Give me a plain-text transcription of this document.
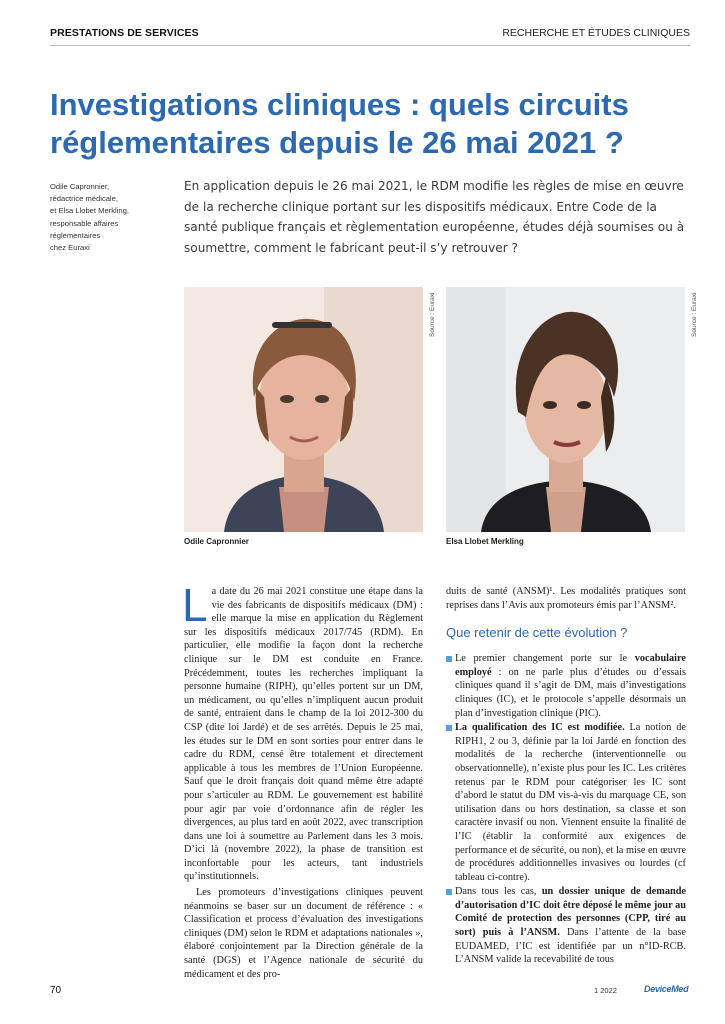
PRESTATIONS DE SERVICES	RECHERCHE ET ÉTUDES CLINIQUES
Investigations cliniques : quels circuits
réglementaires depuis le 26 mai 2021 ?
Odile Capronnier,
rédactrice médicale,
et Elsa Llobet Merkling,
responsable affaires
réglementaires
chez Euraxi

En application depuis le 26 mai 2021, le RDM modifie les règles de mise en œuvre de la recherche clinique portant sur les dispositifs médicaux. Entre Code de la santé publique français et règlementation européenne, études déjà soumises ou à soumettre, comment le fabricant peut-il s’y retrouver ?

Source : Euraxi
Odile Capronnier
Source : Euraxi
Elsa Llobet Merkling

La date du 26 mai 2021 constitue une étape dans la vie des fabricants de dispositifs médicaux (DM) : elle marque la mise en application du Règlement sur les dispositifs médicaux 2017/745 (RDM). En particulier, elle modifie la façon dont la recherche clinique sur le DM est conduite en France. Précédemment, toutes les recherches impliquant la personne humaine (RIPH), qu’elles portent sur un DM, un médicament, ou qu’elles n’impliquent aucun produit de santé, entraient dans le champ de la loi 2012-300 du CSP (dite loi Jardé) et de ses arrêtés. Depuis le 25 mai, les études sur le DM en sont sorties pour entrer dans le cadre du RDM, censé être totalement et directement applicable à tous les membres de l’Union Européenne. Sauf que le droit français doit quand même être adapté pour s’articuler au RDM. Le gouvernement est habilité pour agir par voie d’ordonnance afin de régler les divergences, au plus tard en août 2022, avec transcription dans une loi à soumettre au Parlement dans les 3 mois. D’ici là (novembre 2022), la phase de transition est inconfortable pour les acteurs, tant industriels qu’institutionnels.

Les promoteurs d’investigations cliniques peuvent néanmoins se baser sur un document de référence : « Classification et process d’évaluation des investigations cliniques (DM) selon le RDM et adaptations nationales », élaboré conjointement par la Direction générale de la santé (DGS) et l’Agence nationale de sécurité du médicament et des pro-

duits de santé (ANSM)¹. Les modalités pratiques sont reprises dans l’Avis aux promoteurs émis par l’ANSM².

Que retenir de cette évolution ?

Le premier changement porte sur le vocabulaire employé : on ne parle plus d’études ou d’essais cliniques quand il s’agit de DM, mais d’investigations cliniques (IC), et le protocole s’appelle désormais un plan d’investigation clinique (PIC).

La qualification des IC est modifiée. La notion de RIPH1, 2 ou 3, définie par la loi Jardé en fonction des modalités de la recherche (interventionnelle ou observationnelle), n’existe plus pour les IC. Les critères retenus par le RDM pour catégoriser les IC sont d’abord le statut du DM vis-à-vis du marquage CE, son utilisation dans ou hors destination, sa classe et son caractère invasif ou non. Viennent ensuite la finalité de l’IC (établir la conformité aux exigences de performance et de sécurité, ou non), et la mise en œuvre de procédures additionnelles invasives ou lourdes (cf tableau ci-contre).

Dans tous les cas, un dossier unique de demande d’autorisation d’IC doit être déposé le même jour au Comité de protection des personnes (CPP, tiré au sort) puis à l’ANSM. Dans l’attente de la base EUDAMED, l’IC est identifiée par un n°ID-RCB. L’ANSM valide la recevabilité de tous

70	1 2022	DeviceMed
